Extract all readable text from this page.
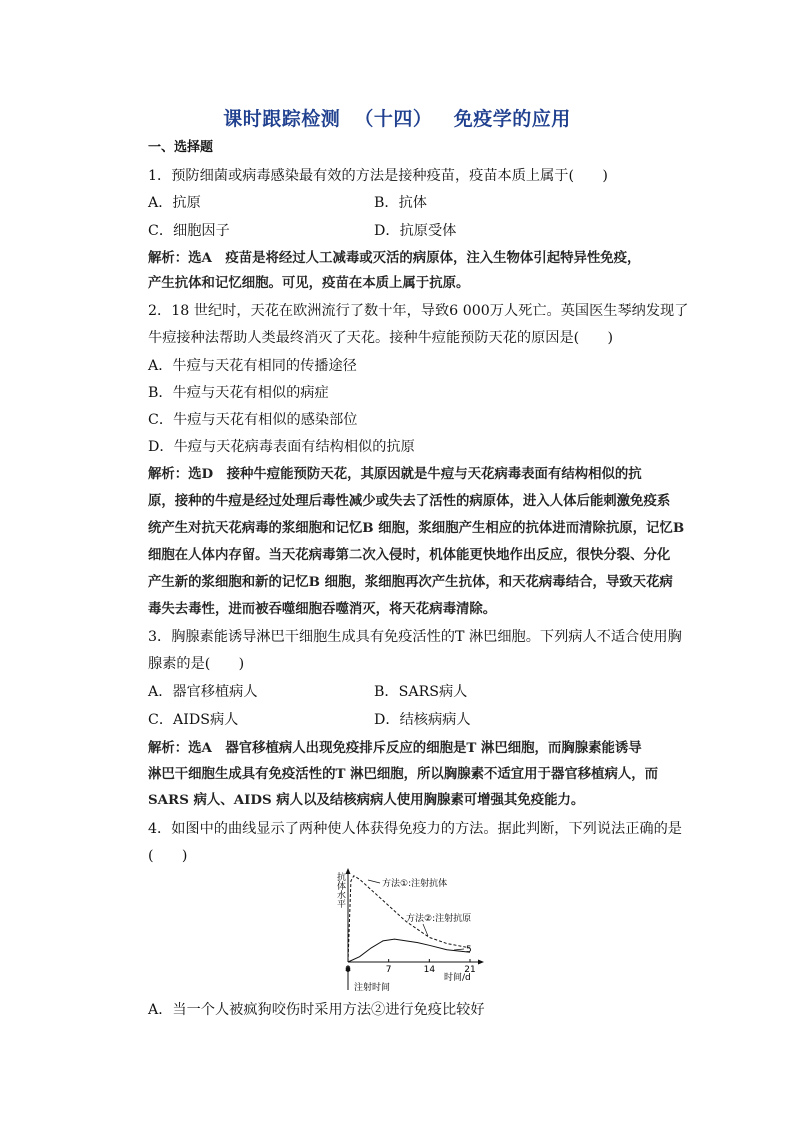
课时跟踪检测  （十四）   免疫学的应用
一、选择题
1．预防细菌或病毒感染最有效的方法是接种疫苗，疫苗本质上属于(　　)
A．抗原	B．抗体
C．细胞因子	D．抗原受体
解析：选A　疫苗是将经过人工减毒或灭活的病原体，注入生物体引起特异性免疫，
产生抗体和记忆细胞。可见，疫苗在本质上属于抗原。
2．18 世纪时，天花在欧洲流行了数十年，导致6 000万人死亡。英国医生琴纳发现了
牛痘接种法帮助人类最终消灭了天花。接种牛痘能预防天花的原因是(　　)
A．牛痘与天花有相同的传播途径
B．牛痘与天花有相似的病症
C．牛痘与天花有相似的感染部位
D．牛痘与天花病毒表面有结构相似的抗原
解析：选D　接种牛痘能预防天花，其原因就是牛痘与天花病毒表面有结构相似的抗
原，接种的牛痘是经过处理后毒性减少或失去了活性的病原体，进入人体后能刺激免疫系
统产生对抗天花病毒的浆细胞和记忆B 细胞，浆细胞产生相应的抗体进而清除抗原，记忆B
细胞在人体内存留。当天花病毒第二次入侵时，机体能更快地作出反应，很快分裂、分化
产生新的浆细胞和新的记忆B 细胞，浆细胞再次产生抗体，和天花病毒结合，导致天花病
毒失去毒性，进而被吞噬细胞吞噬消灭，将天花病毒清除。
3．胸腺素能诱导淋巴干细胞生成具有免疫活性的T 淋巴细胞。下列病人不适合使用胸
腺素的是(　　)
A．器官移植病人	B．SARS病人
C．AIDS病人	D．结核病病人
解析：选A　器官移植病人出现免疫排斥反应的细胞是T 淋巴细胞，而胸腺素能诱导
淋巴干细胞生成具有免疫活性的T 淋巴细胞，所以胸腺素不适宜用于器官移植病人，而
SARS 病人、AIDS 病人以及结核病病人使用胸腺素可增强其免疫能力。
4．如图中的曲线显示了两种使人体获得免疫力的方法。据此判断，下列说法正确的是
(　　)
抗体水平
7	14	21
方法①:注射抗体
方法②:注射抗原
5
时间/d
注射时间
A．当一个人被疯狗咬伤时采用方法②进行免疫比较好
